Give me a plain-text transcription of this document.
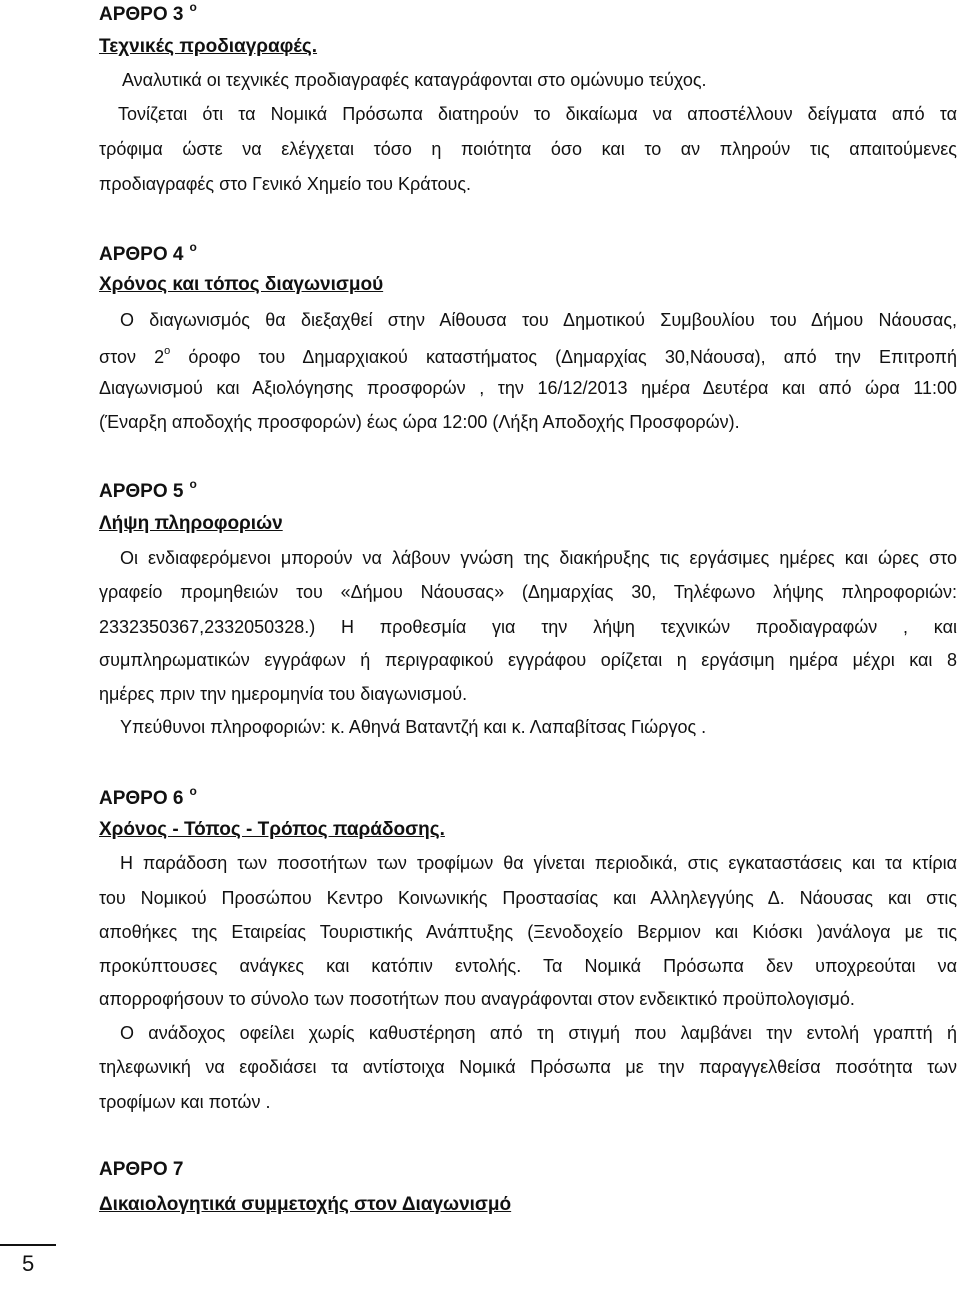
ΑΡΘΡΟ 3 $^o$
Τεχνικές προδιαγραφές.
Αναλυτικά οι τεχνικές προδιαγραφές καταγράφονται στο ομώνυμο τεύχος.
Τονίζεται ότι τα Νομικά Πρόσωπα διατηρούν το δικαίωμα να αποστέλλουν δείγματα από τα
τρόφιμα ώστε να ελέγχεται τόσο η ποιότητα όσο και το αν πληρούν τις απαιτούμενες
προδιαγραφές στο Γενικό Χημείο του Κράτους.
ΑΡΘΡΟ 4 $^o$
Χρόνος και τόπος διαγωνισμού
Ο διαγωνισμός θα διεξαχθεί στην Αίθουσα του Δημοτικού Συμβουλίου του Δήμου Νάουσας,
στον $2^o$ όροφο του Δημαρχιακού καταστήματος (Δημαρχίας 30,Νάουσα), από την Επιτροπή
Διαγωνισμού και Αξιολόγησης προσφορών , την 16/12/2013 ημέρα Δευτέρα και από ώρα 11:00
(Έναρξη αποδοχής προσφορών) έως ώρα 12:00 (Λήξη Αποδοχής Προσφορών).
ΑΡΘΡΟ 5 $^o$
Λήψη πληροφοριών
Οι ενδιαφερόμενοι μπορούν να λάβουν γνώση της διακήρυξης τις εργάσιμες ημέρες και ώρες στο
γραφείο προμηθειών του «Δήμου Νάουσας» (Δημαρχίας 30, Τηλέφωνο λήψης πληροφοριών:
2332350367,2332050328.) Η προθεσμία για την λήψη τεχνικών προδιαγραφών , και
συμπληρωματικών εγγράφων ή περιγραφικού εγγράφου ορίζεται η εργάσιμη ημέρα μέχρι και 8
ημέρες πριν την ημερομηνία του διαγωνισμού.
Υπεύθυνοι πληροφοριών: κ. Αθηνά Βαταντζή και κ. Λαπαβίτσας Γιώργος .
ΑΡΘΡΟ 6 $^o$
Χρόνος - Τόπος - Τρόπος παράδοσης.
Η παράδοση των ποσοτήτων των τροφίμων θα γίνεται περιοδικά, στις εγκαταστάσεις και τα κτίρια
του Νομικού Προσώπου Κεντρο Κοινωνικής Προστασίας και Αλληλεγγύης Δ. Νάουσας και στις
αποθήκες της Εταιρείας Τουριστικής Ανάπτυξης (Ξενοδοχείο Βερμιον και Κιόσκι )ανάλογα με τις
προκύπτουσες ανάγκες και κατόπιν εντολής. Τα Νομικά Πρόσωπα δεν υποχρεούται να
απορροφήσουν το σύνολο των ποσοτήτων που αναγράφονται στον ενδεικτικό προϋπολογισμό.
Ο ανάδοχος οφείλει χωρίς καθυστέρηση από τη στιγμή που λαμβάνει την εντολή γραπτή ή
τηλεφωνική να εφοδιάσει τα αντίστοιχα Νομικά Πρόσωπα με την παραγγελθείσα ποσότητα των
τροφίμων και ποτών .
ΑΡΘΡΟ 7
Δικαιολογητικά συμμετοχής στον Διαγωνισμό
5
